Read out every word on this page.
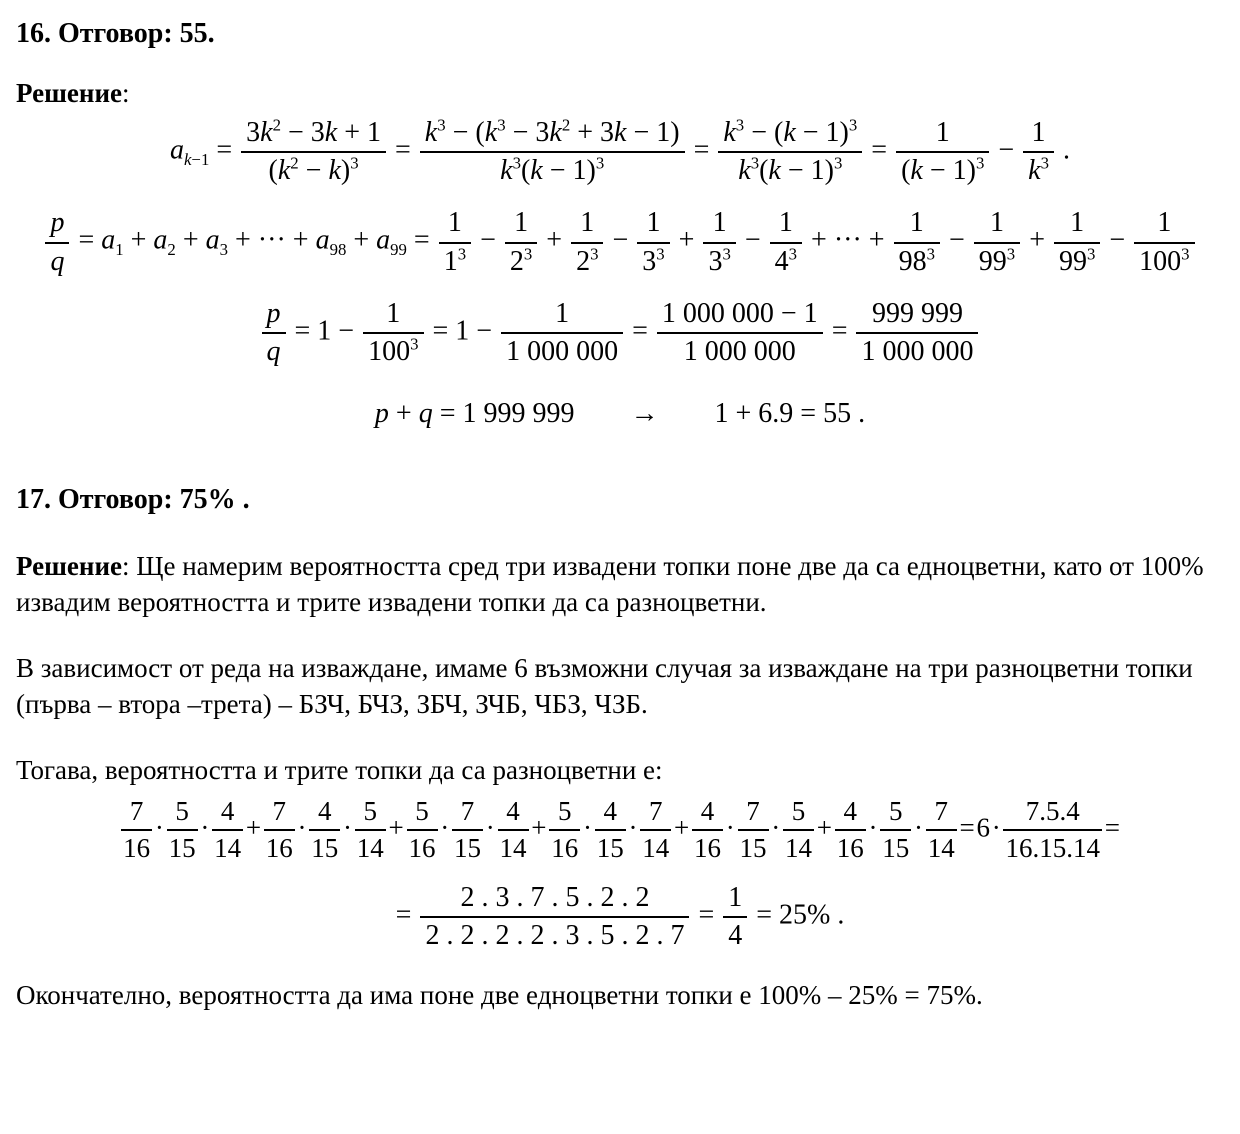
16. Отговор: 55.
Решение:
$a_{k-1} = \frac{3k^2 - 3k + 1}{(k^2 - k)^3} = \frac{k^3 - (k^3 - 3k^2 + 3k - 1)}{k^3(k - 1)^3} = \frac{k^3 - (k - 1)^3}{k^3(k - 1)^3} = \frac{1}{(k - 1)^3} - \frac{1}{k^3}$ .
$\frac{p}{q} = a_1 + a_2 + a_3$ + ··· + $a_{98} + a_{99} = \frac{1}{1^3} - \frac{1}{2^3} + \frac{1}{2^3} - \frac{1}{3^3} + \frac{1}{3^3} - \frac{1}{4^3}$ + ··· + $\frac{1}{98^3} - \frac{1}{99^3} + \frac{1}{99^3} - \frac{1}{100^3}$
$\frac{p}{q} = 1 - \frac{1}{100^3} = 1 - \frac{1}{1 000 000} = \frac{1 000 000 - 1}{1 000 000} = \frac{999 999}{1 000 000}$
p + q = 1 999 999  →  1 + 6.9 = 55 .
17. Отговор: 75% .

Решение: Ще намерим вероятността сред три извадени топки поне две да са едноцветни, като от 100% извадим вероятността и трите извадени топки да са разноцветни.

В зависимост от реда на изваждане, имаме 6 възможни случая за изваждане на три разноцветни топки (първа – втора –трета) – БЗЧ, БЧЗ, ЗБЧ, ЗЧБ, ЧБЗ, ЧЗБ.

Тогава, вероятността и трите топки да са разноцветни е:

$\frac{7}{16} \cdot \frac{5}{15} \cdot \frac{4}{14} + \frac{7}{16} \cdot \frac{4}{15} \cdot \frac{5}{14} + \frac{5}{16} \cdot \frac{7}{15} \cdot \frac{4}{14} + \frac{5}{16} \cdot \frac{4}{15} \cdot \frac{7}{14} + \frac{4}{16} \cdot \frac{7}{15} \cdot \frac{5}{14} + \frac{4}{16} \cdot \frac{5}{15} \cdot \frac{7}{14} = 6 \cdot \frac{7.5.4}{16.15.14}$ =
= $\frac{2 . 3 . 7 . 5 . 2 . 2}{2 . 2 . 2 . 2 . 3 . 5 . 2 . 7} = \frac{1}{4} = 25\%$ .

Окончателно, вероятността да има поне две едноцветни топки е 100% – 25% = 75%.
